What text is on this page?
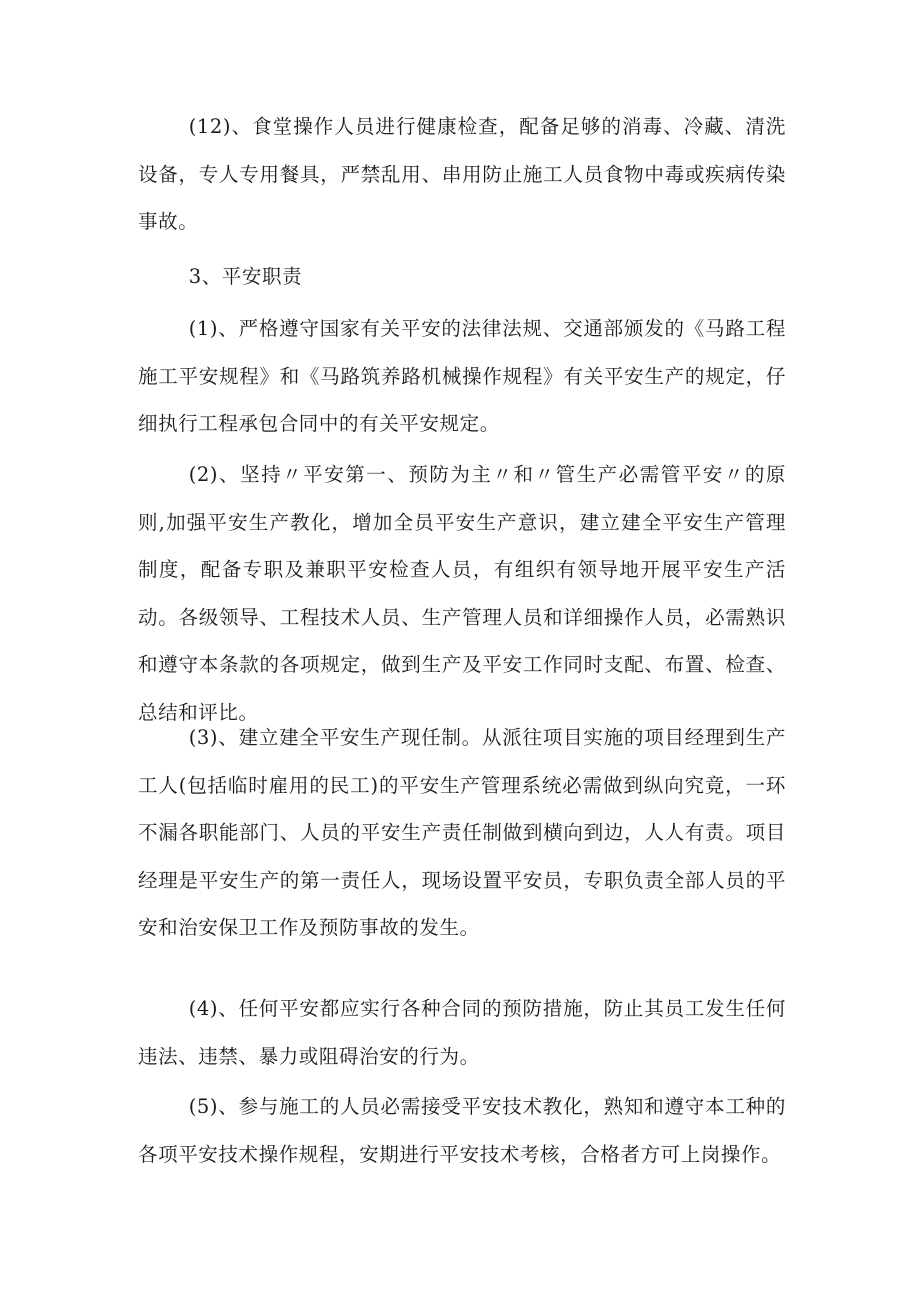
(12)、食堂操作人员进行健康检查，配备足够的消毒、冷藏、清洗设备，专人专用餐具，严禁乱用、串用防止施工人员食物中毒或疾病传染事故。

3、平安职责

(1)、严格遵守国家有关平安的法律法规、交通部颁发的《马路工程施工平安规程》和《马路筑养路机械操作规程》有关平安生产的规定，仔细执行工程承包合同中的有关平安规定。

(2)、坚持〃平安第一、预防为主〃和〃管生产必需管平安〃的原则,加强平安生产教化，增加全员平安生产意识，建立建全平安生产管理制度，配备专职及兼职平安检查人员，有组织有领导地开展平安生产活动。各级领导、工程技术人员、生产管理人员和详细操作人员，必需熟识和遵守本条款的各项规定，做到生产及平安工作同时支配、布置、检查、总结和评比。

(3)、建立建全平安生产现任制。从派往项目实施的项目经理到生产工人(包括临时雇用的民工)的平安生产管理系统必需做到纵向究竟，一环不漏各职能部门、人员的平安生产责任制做到横向到边，人人有责。项目经理是平安生产的第一责任人，现场设置平安员，专职负责全部人员的平安和治安保卫工作及预防事故的发生。

(4)、任何平安都应实行各种合同的预防措施，防止其员工发生任何违法、违禁、暴力或阻碍治安的行为。

(5)、参与施工的人员必需接受平安技术教化，熟知和遵守本工种的各项平安技术操作规程，安期进行平安技术考核，合格者方可上岗操作。
